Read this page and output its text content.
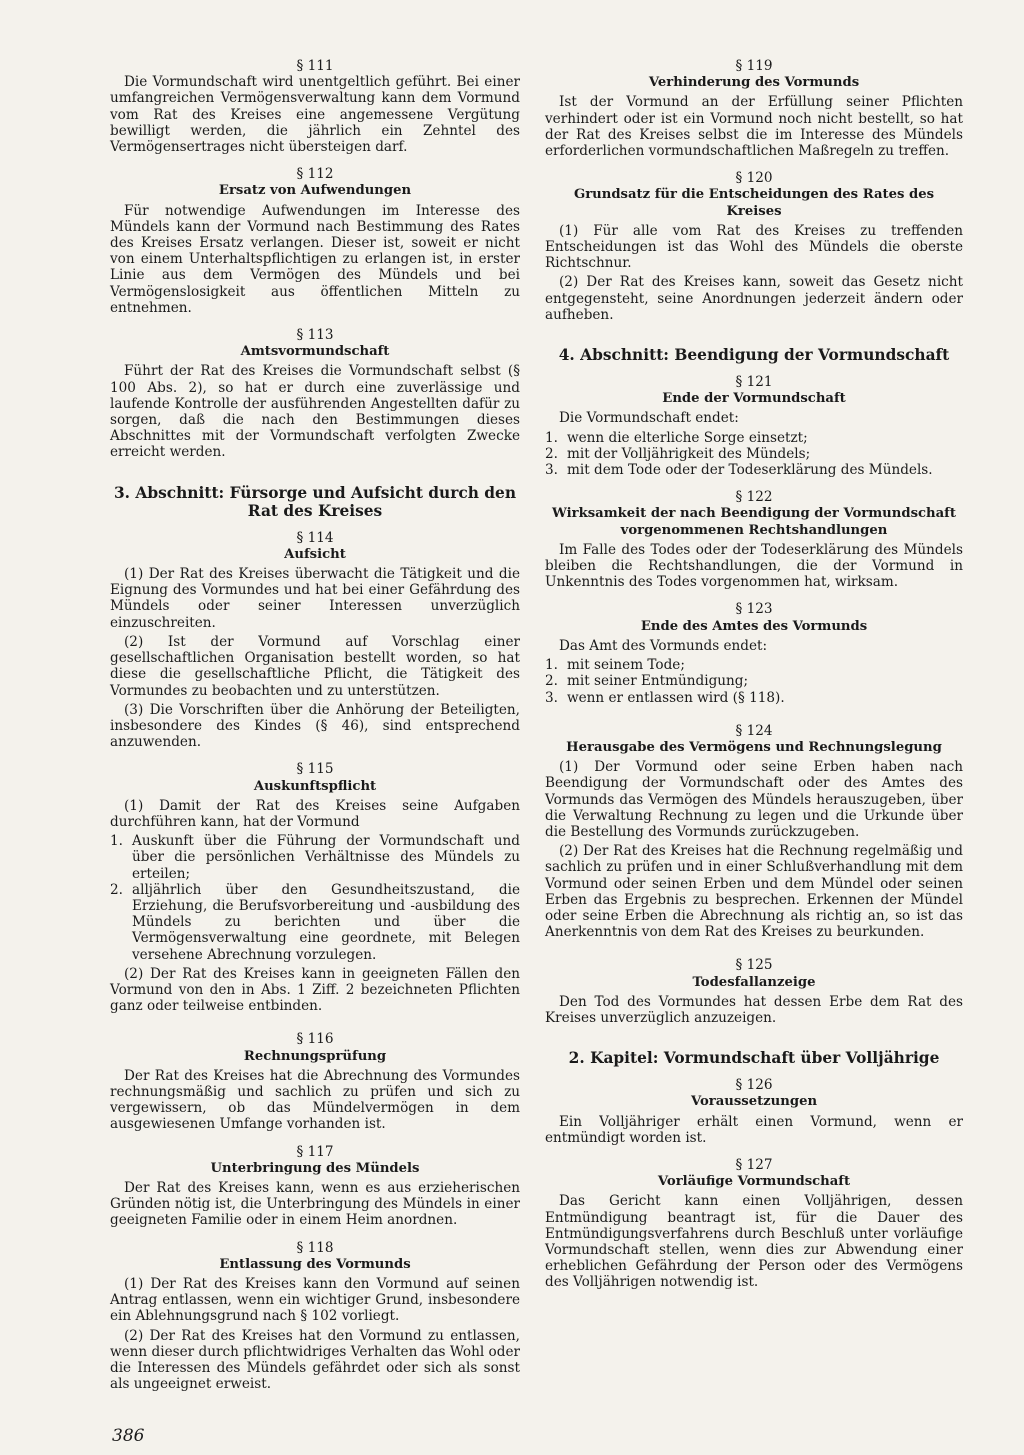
§ 111

Die Vormundschaft wird unentgeltlich geführt. Bei einer umfangreichen Vermögensverwaltung kann dem Vormund vom Rat des Kreises eine angemessene Vergütung bewilligt werden, die jährlich ein Zehntel des Vermögensertrages nicht übersteigen darf.

§ 112
Ersatz von Aufwendungen

Für notwendige Aufwendungen im Interesse des Mündels kann der Vormund nach Bestimmung des Rates des Kreises Ersatz verlangen. Dieser ist, soweit er nicht von einem Unterhaltspflichtigen zu erlangen ist, in erster Linie aus dem Vermögen des Mündels und bei Vermögenslosigkeit aus öffentlichen Mitteln zu entnehmen.

§ 113
Amtsvormundschaft

Führt der Rat des Kreises die Vormundschaft selbst (§ 100 Abs. 2), so hat er durch eine zuverlässige und laufende Kontrolle der ausführenden Angestellten dafür zu sorgen, daß die nach den Bestimmungen dieses Abschnittes mit der Vormundschaft verfolgten Zwecke erreicht werden.

3. Abschnitt: Fürsorge und Aufsicht durch den Rat des Kreises
§ 114
Aufsicht

(1) Der Rat des Kreises überwacht die Tätigkeit und die Eignung des Vormundes und hat bei einer Gefährdung des Mündels oder seiner Interessen unverzüglich einzuschreiten.

(2) Ist der Vormund auf Vorschlag einer gesellschaftlichen Organisation bestellt worden, so hat diese die gesellschaftliche Pflicht, die Tätigkeit des Vormundes zu beobachten und zu unterstützen.

(3) Die Vorschriften über die Anhörung der Beteiligten, insbesondere des Kindes (§ 46), sind entsprechend anzuwenden.

§ 115
Auskunftspflicht

(1) Damit der Rat des Kreises seine Aufgaben durchführen kann, hat der Vormund

1. Auskunft über die Führung der Vormundschaft und über die persönlichen Verhältnisse des Mündels zu erteilen;
2. alljährlich über den Gesundheitszustand, die Erziehung, die Berufsvorbereitung und -ausbildung des Mündels zu berichten und über die Vermögensverwaltung eine geordnete, mit Belegen versehene Abrechnung vorzulegen.

(2) Der Rat des Kreises kann in geeigneten Fällen den Vormund von den in Abs. 1 Ziff. 2 bezeichneten Pflichten ganz oder teilweise entbinden.

§ 116
Rechnungsprüfung

Der Rat des Kreises hat die Abrechnung des Vormundes rechnungsmäßig und sachlich zu prüfen und sich zu vergewissern, ob das Mündelvermögen in dem ausgewiesenen Umfange vorhanden ist.

§ 117
Unterbringung des Mündels

Der Rat des Kreises kann, wenn es aus erzieherischen Gründen nötig ist, die Unterbringung des Mündels in einer geeigneten Familie oder in einem Heim anordnen.

§ 118
Entlassung des Vormunds

(1) Der Rat des Kreises kann den Vormund auf seinen Antrag entlassen, wenn ein wichtiger Grund, insbesondere ein Ablehnungsgrund nach § 102 vorliegt.

(2) Der Rat des Kreises hat den Vormund zu entlassen, wenn dieser durch pflichtwidriges Verhalten das Wohl oder die Interessen des Mündels gefährdet oder sich als sonst als ungeeignet erweist.

§ 119
Verhinderung des Vormunds

Ist der Vormund an der Erfüllung seiner Pflichten verhindert oder ist ein Vormund noch nicht bestellt, so hat der Rat des Kreises selbst die im Interesse des Mündels erforderlichen vormundschaftlichen Maßregeln zu treffen.

§ 120
Grundsatz für die Entscheidungen des Rates des Kreises

(1) Für alle vom Rat des Kreises zu treffenden Entscheidungen ist das Wohl des Mündels die oberste Richtschnur.

(2) Der Rat des Kreises kann, soweit das Gesetz nicht entgegensteht, seine Anordnungen jederzeit ändern oder aufheben.

4. Abschnitt: Beendigung der Vormundschaft
§ 121
Ende der Vormundschaft

Die Vormundschaft endet:

1. wenn die elterliche Sorge einsetzt;
2. mit der Volljährigkeit des Mündels;
3. mit dem Tode oder der Todeserklärung des Mündels.
§ 122
Wirksamkeit der nach Beendigung der Vormundschaft vorgenommenen Rechtshandlungen

Im Falle des Todes oder der Todeserklärung des Mündels bleiben die Rechtshandlungen, die der Vormund in Unkenntnis des Todes vorgenommen hat, wirksam.

§ 123
Ende des Amtes des Vormunds

Das Amt des Vormunds endet:

1. mit seinem Tode;
2. mit seiner Entmündigung;
3. wenn er entlassen wird (§ 118).
§ 124
Herausgabe des Vermögens und Rechnungslegung

(1) Der Vormund oder seine Erben haben nach Beendigung der Vormundschaft oder des Amtes des Vormunds das Vermögen des Mündels herauszugeben, über die Verwaltung Rechnung zu legen und die Urkunde über die Bestellung des Vormunds zurückzugeben.

(2) Der Rat des Kreises hat die Rechnung regelmäßig und sachlich zu prüfen und in einer Schlußverhandlung mit dem Vormund oder seinen Erben und dem Mündel oder seinen Erben das Ergebnis zu besprechen. Erkennen der Mündel oder seine Erben die Abrechnung als richtig an, so ist das Anerkenntnis von dem Rat des Kreises zu beurkunden.

§ 125
Todesfallanzeige

Den Tod des Vormundes hat dessen Erbe dem Rat des Kreises unverzüglich anzuzeigen.

2. Kapitel: Vormundschaft über Volljährige
§ 126
Voraussetzungen

Ein Volljähriger erhält einen Vormund, wenn er entmündigt worden ist.

§ 127
Vorläufige Vormundschaft

Das Gericht kann einen Volljährigen, dessen Entmündigung beantragt ist, für die Dauer des Entmündigungsverfahrens durch Beschluß unter vorläufige Vormundschaft stellen, wenn dies zur Abwendung einer erheblichen Gefährdung der Person oder des Vermögens des Volljährigen notwendig ist.

386
